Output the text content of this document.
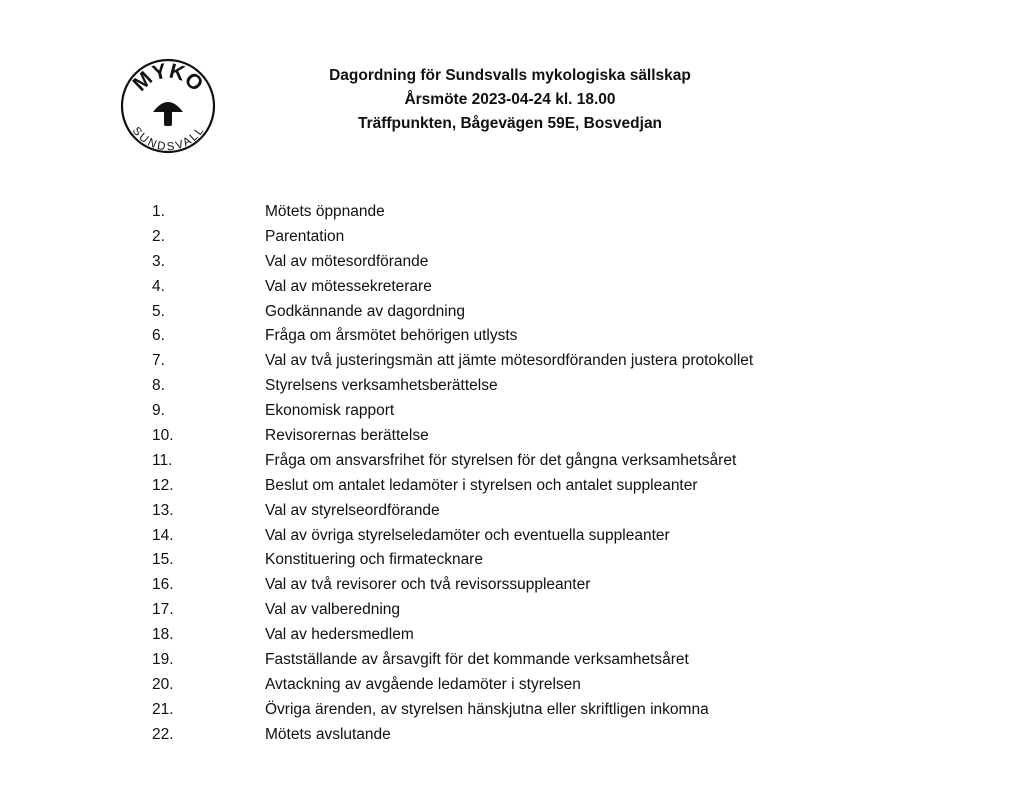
MYKO
SUNDSVALL
Dagordning för Sundsvalls mykologiska sällskap
Årsmöte 2023-04-24 kl. 18.00
Träffpunkten, Bågevägen 59E, Bosvedjan
1.	Mötets öppnande
2.	Parentation
3.	Val av mötesordförande
4.	Val av mötessekreterare
5.	Godkännande av dagordning
6.	Fråga om årsmötet behörigen utlysts
7.	Val av två justeringsmän att jämte mötesordföranden justera protokollet
8.	Styrelsens verksamhetsberättelse
9.	Ekonomisk rapport
10.	Revisorernas berättelse
11.	Fråga om ansvarsfrihet för styrelsen för det gångna verksamhetsåret
12.	Beslut om antalet ledamöter i styrelsen och antalet suppleanter
13.	Val av styrelseordförande
14.	Val av övriga styrelseledamöter och eventuella suppleanter
15.	Konstituering och firmatecknare
16.	Val av två revisorer och två revisorssuppleanter
17.	Val av valberedning
18.	Val av hedersmedlem
19.	Fastställande av årsavgift för det kommande verksamhetsåret
20.	Avtackning av avgående ledamöter i styrelsen
21.	Övriga ärenden, av styrelsen hänskjutna eller skriftligen inkomna
22.	Mötets avslutande
